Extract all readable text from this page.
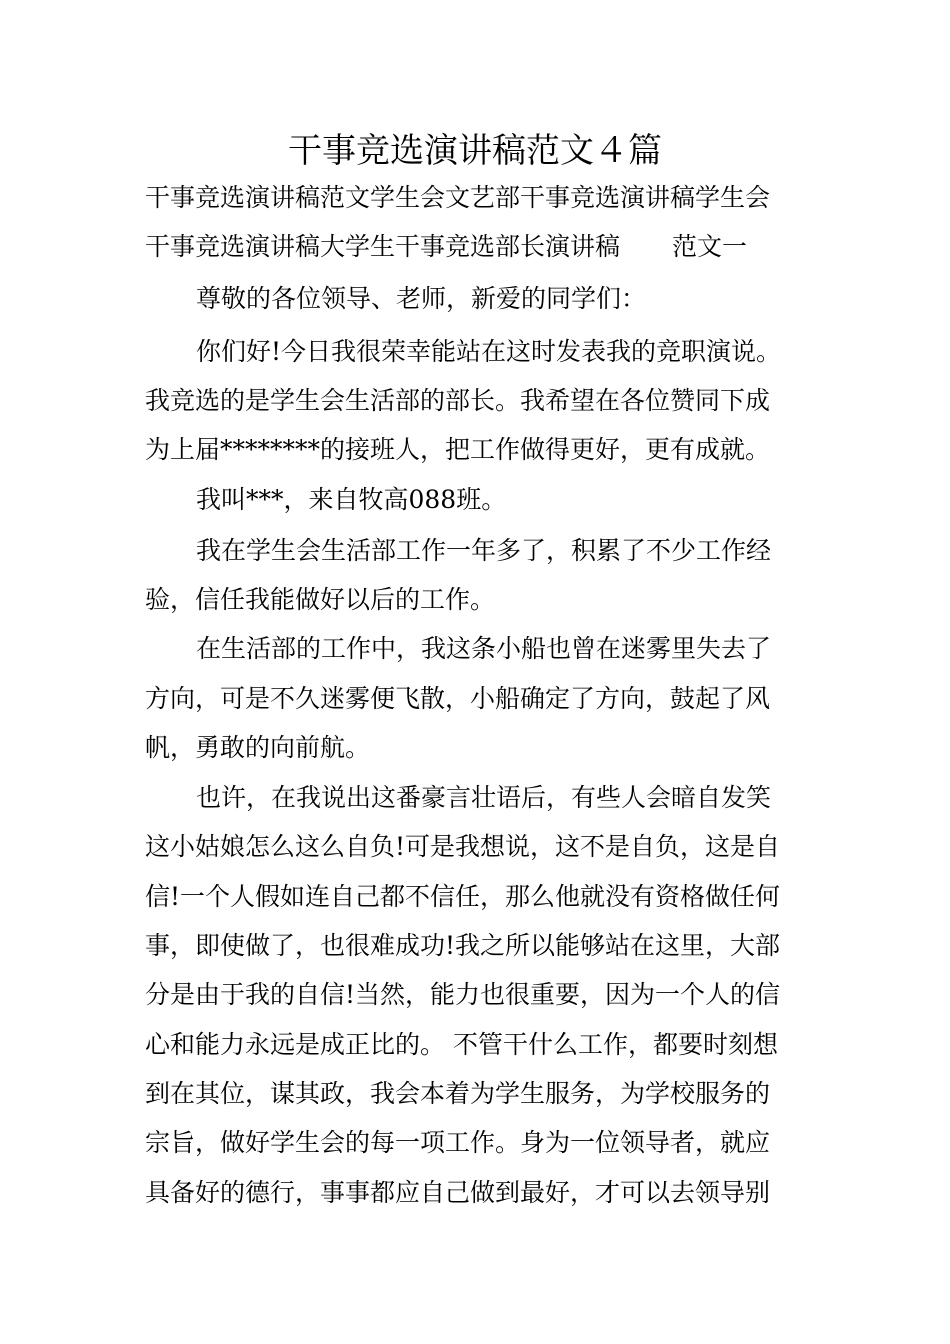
干事竞选演讲稿范文４篇
干事竞选演讲稿范文学生会文艺部干事竞选演讲稿学生会
干事竞选演讲稿大学生干事竞选部长演讲稿 范文一
尊敬的各位领导、老师，新爱的同学们：
你们好!今日我很荣幸能站在这时发表我的竞职演说。
我竞选的是学生会生活部的部长。我希望在各位赞同下成
为上届********的接班人，把工作做得更好，更有成就。
我叫***，来自牧高088班。
我在学生会生活部工作一年多了，积累了不少工作经
验，信任我能做好以后的工作。
在生活部的工作中，我这条小船也曾在迷雾里失去了
方向，可是不久迷雾便飞散，小船确定了方向，鼓起了风
帆，勇敢的向前航。
也许，在我说出这番豪言壮语后，有些人会暗自发笑
这小姑娘怎么这么自负!可是我想说，这不是自负，这是自
信!一个人假如连自己都不信任，那么他就没有资格做任何
事，即使做了，也很难成功!我之所以能够站在这里，大部
分是由于我的自信!当然，能力也很重要，因为一个人的信
心和能力永远是成正比的。 不管干什么工作，都要时刻想
到在其位，谋其政，我会本着为学生服务，为学校服务的
宗旨，做好学生会的每一项工作。身为一位领导者，就应
具备好的德行，事事都应自己做到最好，才可以去领导别
